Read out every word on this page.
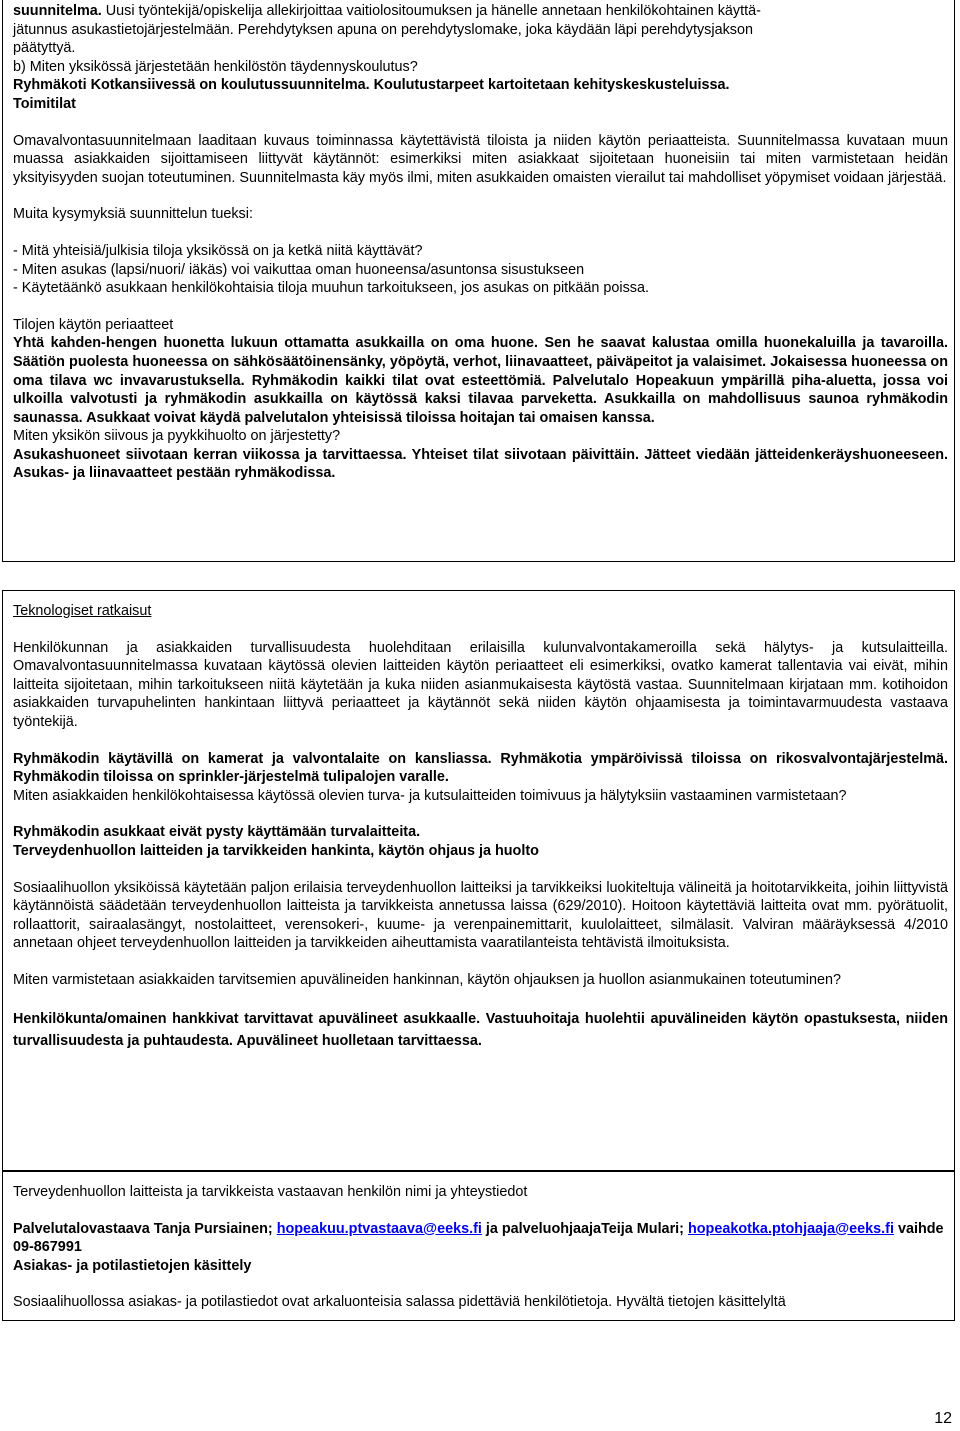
suunnitelma. Uusi työntekijä/opiskelija allekirjoittaa vaitiolositoumuksen ja hänelle annetaan henkilökohtainen käyttä-
jätunnus asukastietojärjestelmään. Perehdytyksen apuna on perehdytyslomake, joka käydään läpi perehdytysjakson
päätyttyä.

b) Miten yksikössä järjestetään henkilöstön täydennyskoulutus?

Ryhmäkoti Kotkansiivessä on koulutussuunnitelma. Koulutustarpeet kartoitetaan kehityskeskusteluissa.

Toimitilat

Omavalvontasuunnitelmaan laaditaan kuvaus toiminnassa käytettävistä tiloista ja niiden käytön periaatteista. Suunnitelmassa kuvataan muun muassa asiakkaiden sijoittamiseen liittyvät käytännöt: esimerkiksi miten asiakkaat sijoitetaan huoneisiin tai miten varmistetaan heidän yksityisyyden suojan toteutuminen. Suunnitelmasta käy myös ilmi, miten asukkaiden omaisten vierailut tai mahdolliset yöpymiset voidaan järjestää.

Muita kysymyksiä suunnittelun tueksi:

- Mitä yhteisiä/julkisia tiloja yksikössä on ja ketkä niitä käyttävät?

- Miten asukas (lapsi/nuori/ iäkäs) voi vaikuttaa oman huoneensa/asuntonsa sisustukseen

- Käytetäänkö asukkaan henkilökohtaisia tiloja muuhun tarkoitukseen, jos asukas on pitkään poissa.

Tilojen käytön periaatteet

Yhtä kahden-hengen huonetta lukuun ottamatta asukkailla on oma huone. Sen he saavat kalustaa omilla huonekaluilla ja tavaroilla. Säätiön puolesta huoneessa on sähkösäätöinensänky, yöpöytä, verhot, liinavaatteet, päiväpeitot ja valaisimet. Jokaisessa huoneessa on oma tilava wc invavarustuksella. Ryhmäkodin kaikki tilat ovat esteettömiä. Palvelutalo Hopeakuun ympärillä piha-aluetta, jossa voi ulkoilla valvotusti ja ryhmäkodin asukkailla on käytössä kaksi tilavaa parveketta. Asukkailla on mahdollisuus saunoa ryhmäkodin saunassa. Asukkaat voivat käydä palvelutalon yhteisissä tiloissa hoitajan tai omaisen kanssa.

Miten yksikön siivous ja pyykkihuolto on järjestetty?

Asukashuoneet siivotaan kerran viikossa ja tarvittaessa. Yhteiset tilat siivotaan päivittäin. Jätteet viedään jätteidenkeräyshuoneeseen. Asukas- ja liinavaatteet pestään ryhmäkodissa.

Teknologiset ratkaisut

Henkilökunnan ja asiakkaiden turvallisuudesta huolehditaan erilaisilla kulunvalvontakameroilla sekä hälytys- ja kutsulaitteilla. Omavalvontasuunnitelmassa kuvataan käytössä olevien laitteiden käytön periaatteet eli esimerkiksi, ovatko kamerat tallentavia vai eivät, mihin laitteita sijoitetaan, mihin tarkoitukseen niitä käytetään ja kuka niiden asianmukaisesta käytöstä vastaa. Suunnitelmaan kirjataan mm. kotihoidon asiakkaiden turvapuhelinten hankintaan liittyvä periaatteet ja käytännöt sekä niiden käytön ohjaamisesta ja toimintavarmuudesta vastaava työntekijä.

Ryhmäkodin käytävillä on kamerat ja valvontalaite on kansliassa. Ryhmäkotia ympäröivissä tiloissa on rikosvalvontajärjestelmä. Ryhmäkodin tiloissa on sprinkler-järjestelmä tulipalojen varalle.

Miten asiakkaiden henkilökohtaisessa käytössä olevien turva- ja kutsulaitteiden toimivuus ja hälytyksiin vastaaminen varmistetaan?

Ryhmäkodin asukkaat eivät pysty käyttämään turvalaitteita.

Terveydenhuollon laitteiden ja tarvikkeiden hankinta, käytön ohjaus ja huolto

Sosiaalihuollon yksiköissä käytetään paljon erilaisia terveydenhuollon laitteiksi ja tarvikkeiksi luokiteltuja välineitä ja hoitotarvikkeita, joihin liittyvistä käytännöistä säädetään terveydenhuollon laitteista ja tarvikkeista annetussa laissa (629/2010). Hoitoon käytettäviä laitteita ovat mm. pyörätuolit, rollaattorit, sairaalasängyt, nostolaitteet, verensokeri-, kuume- ja verenpainemittarit, kuulolaitteet, silmälasit. Valviran määräyksessä 4/2010 annetaan ohjeet terveydenhuollon laitteiden ja tarvikkeiden aiheuttamista vaaratilanteista tehtävistä ilmoituksista.

Miten varmistetaan asiakkaiden tarvitsemien apuvälineiden hankinnan, käytön ohjauksen ja huollon asianmukainen toteutuminen?

Henkilökunta/omainen hankkivat tarvittavat apuvälineet asukkaalle. Vastuuhoitaja huolehtii apuvälineiden käytön opastuksesta, niiden turvallisuudesta ja puhtaudesta. Apuvälineet huolletaan tarvittaessa.

Terveydenhuollon laitteista ja tarvikkeista vastaavan henkilön nimi ja yhteystiedot

Palvelutalovastaava Tanja Pursiainen; hopeakuu.ptvastaava@eeks.fi ja palveluohjaajaTeija Mulari; hopeakotka.ptohjaaja@eeks.fi vaihde 09-867991

Asiakas- ja potilastietojen käsittely

Sosiaalihuollossa asiakas- ja potilastiedot ovat arkaluonteisia salassa pidettäviä henkilötietoja. Hyvältä tietojen käsittelyltä

12
